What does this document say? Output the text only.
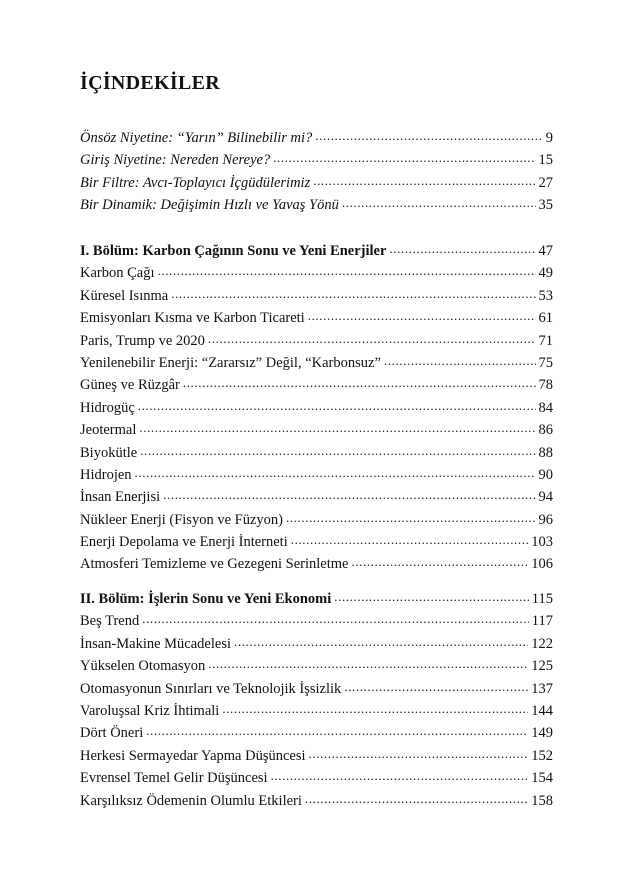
İÇİNDEKİLER
Önsöz Niyetine: “Yarın” Bilinebilir mi? .....	9
Giriş Niyetine: Nereden Nereye? .....	15
Bir Filtre: Avcı-Toplayıcı İçgüdülerimiz .....	27
Bir Dinamik: Değişimin Hızlı ve Yavaş Yönü .....	35
I. Bölüm: Karbon Çağının Sonu ve Yeni Enerjiler .....	47
Karbon Çağı .....	49
Küresel Isınma .....	53
Emisyonları Kısma ve Karbon Ticareti .....	61
Paris, Trump ve 2020 .....	71
Yenilenebilir Enerji: “Zararsız” Değil, “Karbonsuz” .....	75
Güneş ve Rüzgâr .....	78
Hidrogüç .....	84
Jeotermal .....	86
Biyokütle .....	88
Hidrojen .....	90
İnsan Enerjisi .....	94
Nükleer Enerji (Fisyon ve Füzyon) .....	96
Enerji Depolama ve Enerji İnterneti .....	103
Atmosferi Temizleme ve Gezegeni Serinletme .....	106
II. Bölüm: İşlerin Sonu ve Yeni Ekonomi .....	115
Beş Trend .....	117
İnsan-Makine Mücadelesi .....	122
Yükselen Otomasyon .....	125
Otomasyonun Sınırları ve Teknolojik İşsizlik .....	137
Varoluşsal Kriz İhtimali .....	144
Dört Öneri .....	149
Herkesi Sermayedar Yapma Düşüncesi .....	152
Evrensel Temel Gelir Düşüncesi .....	154
Karşılıksız Ödemenin Olumlu Etkileri .....	158
